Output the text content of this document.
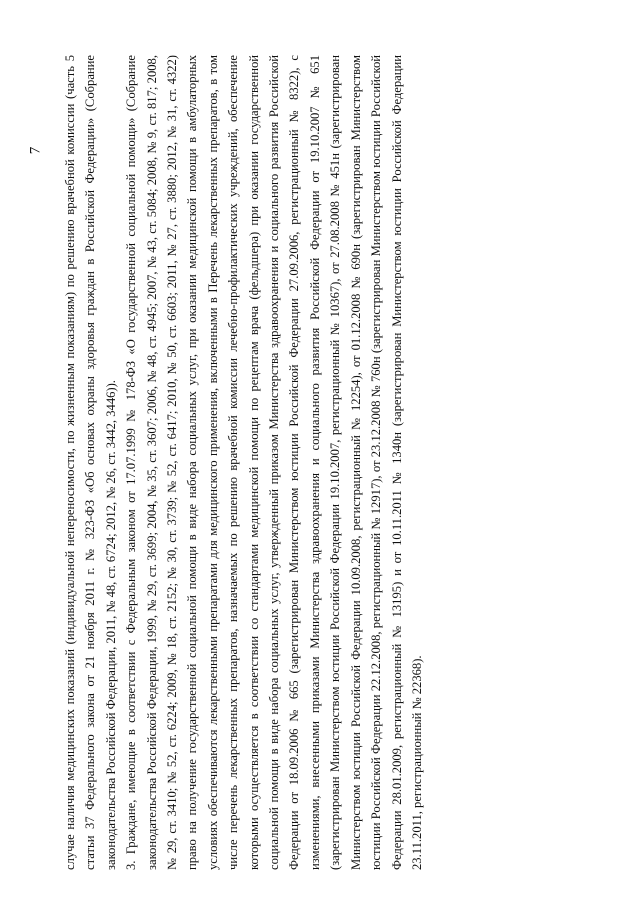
7 случае наличия медицинских показаний (индивидуальной непереносимости, по жизненным показаниям) по решению врачебной комиссии (часть 5 статьи 37 Федерального закона от 21 ноября 2011 г. № 323-ФЗ «Об основах охраны здоровья граждан в Российской Федерации» (Собрание законодательства Российской Федерации, 2011, № 48, ст. 6724; 2012, № 26, ст. 3442, 3446)). 3. Граждане, имеющие в соответствии с Федеральным законом от 17.07.1999 № 178-ФЗ «О государственной социальной помощи» (Собрание законодательства Российской Федерации, 1999, № 29, ст. 3699; 2004, № 35, ст. 3607; 2006, № 48, ст. 4945; 2007, № 43, ст. 5084; 2008, № 9, ст. 817; 2008, № 29, ст. 3410; № 52, ст. 6224; 2009, № 18, ст. 2152; № 30, ст. 3739; № 52, ст. 6417; 2010, № 50, ст. 6603; 2011, № 27, ст. 3880; 2012, № 31, ст. 4322) право на получение государственной социальной помощи в виде набора социальных услуг, при оказании медицинской помощи в амбулаторных условиях обеспечиваются лекарственными препаратами для медицинского применения, включенными в Перечень лекарственных препаратов, в том числе перечень лекарственных препаратов, назначаемых по решению врачебной комиссии лечебно-профилактических учреждений, обеспечение которыми осуществляется в соответствии со стандартами медицинской помощи по рецептам врача (фельдшера) при оказании государственной социальной помощи в виде набора социальных услуг, утвержденный приказом Министерства здравоохранения и социального развития Российской Федерации от 18.09.2006 № 665 (зарегистрирован Министерством юстиции Российской Федерации 27.09.2006, регистрационный № 8322), с изменениями, внесенными приказами Министерства здравоохранения и социального развития Российской Федерации от 19.10.2007 № 651 (зарегистрирован Министерством юстиции Российской Федерации 19.10.2007, регистрационный № 10367), от 27.08.2008 № 451н (зарегистрирован Министерством юстиции Российской Федерации 10.09.2008, регистрационный № 12254), от 01.12.2008 № 690н (зарегистрирован Министерством юстиции Российской Федерации 22.12.2008, регистрационный № 12917), от 23.12.2008 № 760н (зарегистрирован Министерством юстиции Российской Федерации 28.01.2009, регистрационный № 13195) и от 10.11.2011 № 1340н (зарегистрирован Министерством юстиции Российской Федерации 23.11.2011, регистрационный № 22368).
